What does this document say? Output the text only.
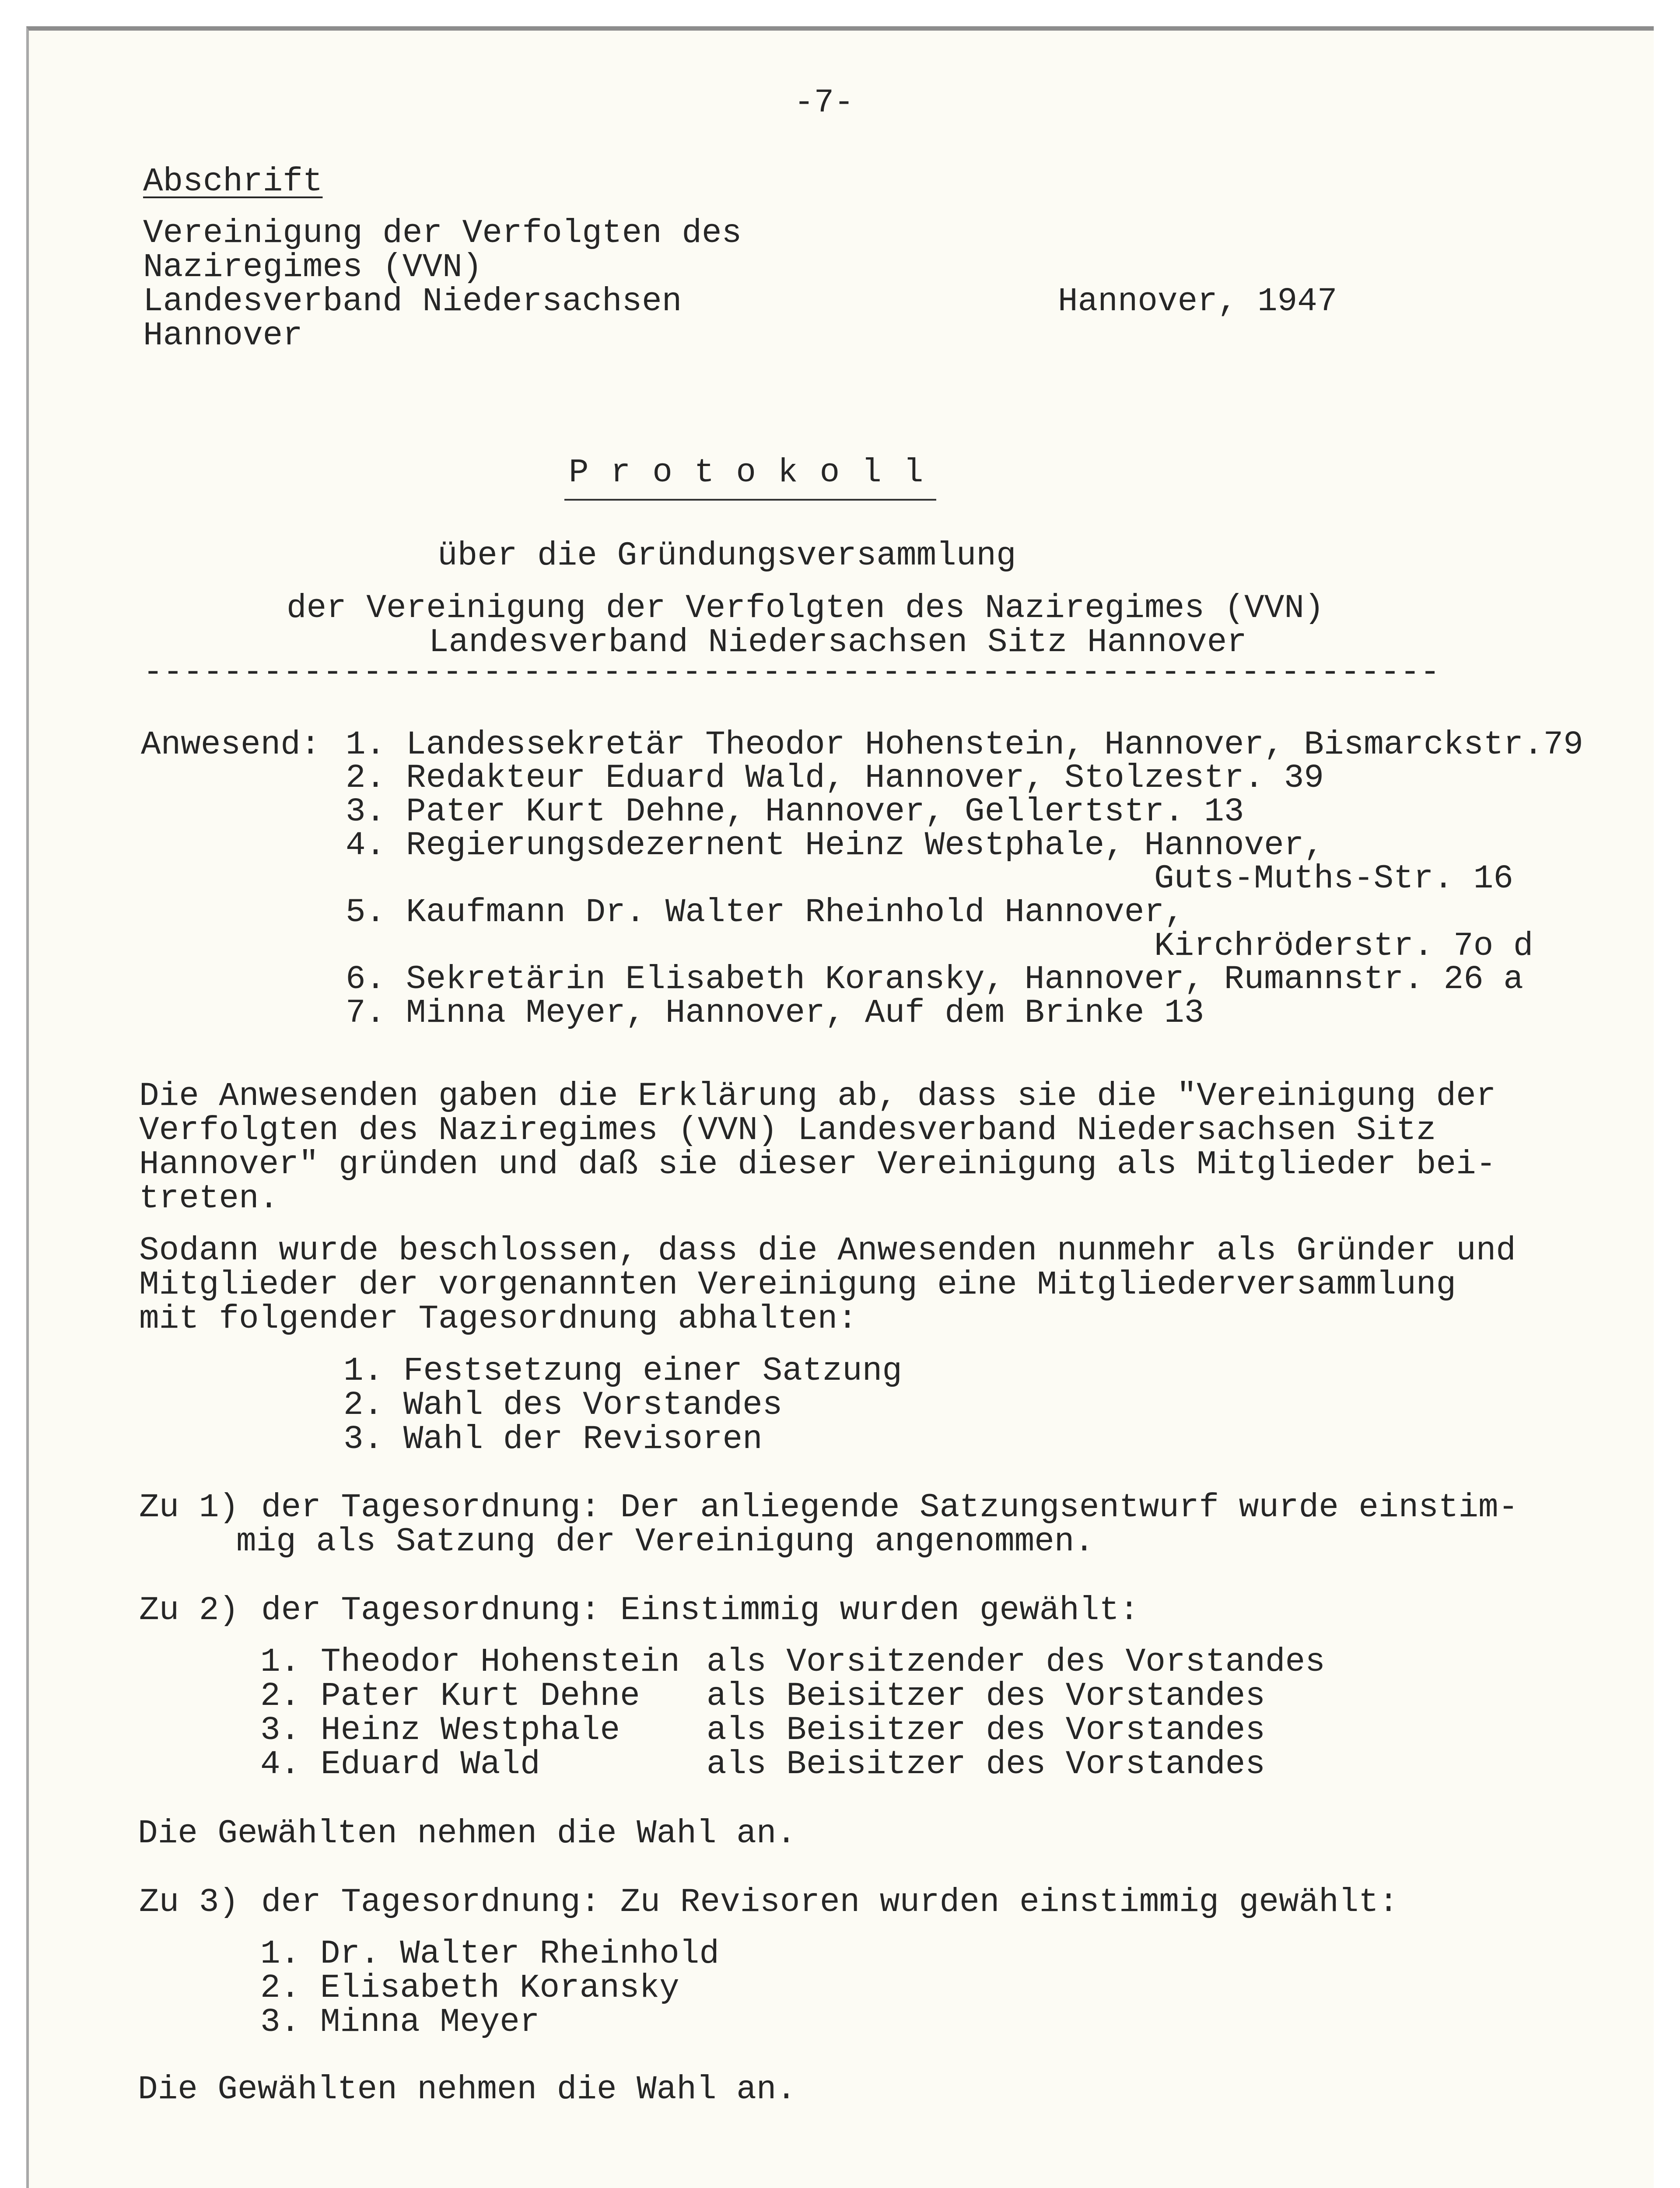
-7-
Abschrift
Vereinigung der Verfolgten des
Naziregimes (VVN)
Landesverband Niedersachsen
Hannover
Hannover, 1947
Protokoll
über die Gründungsversammlung
der Vereinigung der Verfolgten des Naziregimes (VVN)
Landesverband Niedersachsen Sitz Hannover
-----------------------------------------------------------------
Anwesend: 1. Landessekretär Theodor Hohenstein, Hannover, Bismarckstr.79
2. Redakteur Eduard Wald, Hannover, Stolzestr. 39
3. Pater Kurt Dehne, Hannover, Gellertstr. 13
4. Regierungsdezernent Heinz Westphale, Hannover,
Guts-Muths-Str. 16
5. Kaufmann Dr. Walter Rheinhold Hannover,
Kirchröderstr. 7o d
6. Sekretärin Elisabeth Koransky, Hannover, Rumannstr. 26 a
7. Minna Meyer, Hannover, Auf dem Brinke 13
Die Anwesenden gaben die Erklärung ab, dass sie die "Vereinigung der
Verfolgten des Naziregimes (VVN) Landesverband Niedersachsen Sitz
Hannover" gründen und daß sie dieser Vereinigung als Mitglieder bei-
treten.
Sodann wurde beschlossen, dass die Anwesenden nunmehr als Gründer und
Mitglieder der vorgenannten Vereinigung eine Mitgliederversammlung
mit folgender Tagesordnung abhalten:
1. Festsetzung einer Satzung
2. Wahl des Vorstandes
3. Wahl der Revisoren
Zu 1) der Tagesordnung: Der anliegende Satzungsentwurf wurde einstim-
mig als Satzung der Vereinigung angenommen.
Zu 2) der Tagesordnung: Einstimmig wurden gewählt:
1. Theodor Hohenstein als Vorsitzender des Vorstandes
2. Pater Kurt Dehne als Beisitzer des Vorstandes
3. Heinz Westphale	als Beisitzer des Vorstandes
4. Eduard Wald	als Beisitzer des Vorstandes
Die Gewählten nehmen die Wahl an.
Zu 3) der Tagesordnung: Zu Revisoren wurden einstimmig gewählt:
1. Dr. Walter Rheinhold
2. Elisabeth Koransky
3. Minna Meyer
Die Gewählten nehmen die Wahl an.
